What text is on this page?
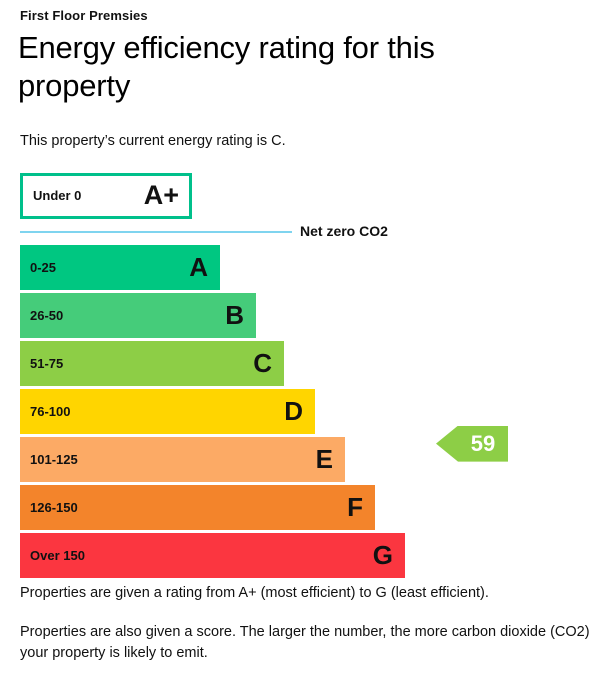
First Floor Premsies
Energy efficiency rating for this property

This property’s current energy rating is C.

Under 0 A+
Net zero CO2
0-25	A
26-50	B
51-75	C
76-100	D
101-125	E
126-150	F
Over 150	G
59

Properties are given a rating from A+ (most efficient) to G (least efficient).

Properties are also given a score. The larger the number, the more carbon dioxide (CO2) your property is likely to emit.
